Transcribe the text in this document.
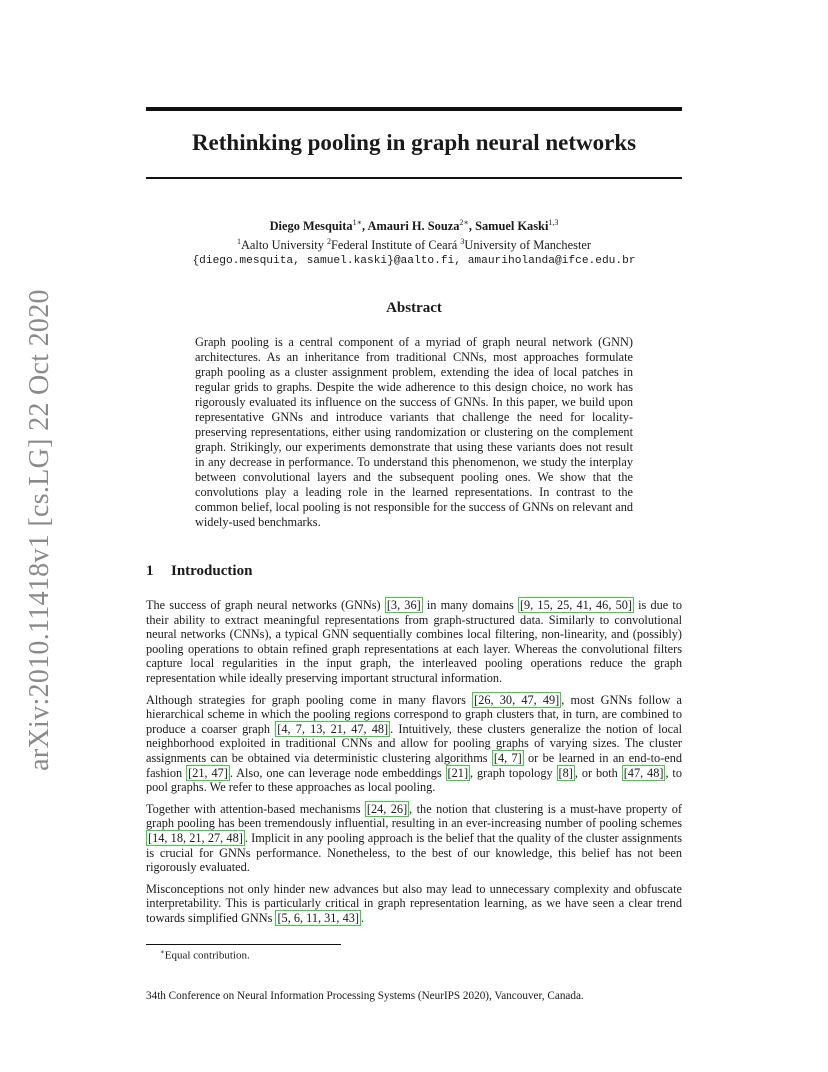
arXiv:2010.11418v1 [cs.LG] 22 Oct 2020
Rethinking pooling in graph neural networks
Diego Mesquita$^{1∗}$, Amauri H. Souza$^{2∗}$, Samuel Kaski$^{1,3}$
$^1$Aalto University $^2$Federal Institute of Ceará $^3$University of Manchester
{diego.mesquita, samuel.kaski}@aalto.fi, amauriholanda@ifce.edu.br
Abstract
Graph pooling is a central component of a myriad of graph neural network (GNN) architectures. As an inheritance from traditional CNNs, most approaches formulate graph pooling as a cluster assignment problem, extending the idea of local patches in regular grids to graphs. Despite the wide adherence to this design choice, no work has rigorously evaluated its influence on the success of GNNs. In this paper, we build upon representative GNNs and introduce variants that challenge the need for locality-preserving representations, either using randomization or clustering on the complement graph. Strikingly, our experiments demonstrate that using these variants does not result in any decrease in performance. To understand this phenomenon, we study the interplay between convolutional layers and the subsequent pooling ones. We show that the convolutions play a leading role in the learned representations. In contrast to the common belief, local pooling is not responsible for the success of GNNs on relevant and widely-used benchmarks.
1 Introduction

The success of graph neural networks (GNNs) [3, 36] in many domains [9, 15, 25, 41, 46, 50] is due to their ability to extract meaningful representations from graph-structured data. Similarly to convolutional neural networks (CNNs), a typical GNN sequentially combines local filtering, non-linearity, and (possibly) pooling operations to obtain refined graph representations at each layer. Whereas the convolutional filters capture local regularities in the input graph, the interleaved pooling operations reduce the graph representation while ideally preserving important structural information.

Although strategies for graph pooling come in many flavors [26, 30, 47, 49] , most GNNs follow a hierarchical scheme in which the pooling regions correspond to graph clusters that, in turn, are combined to produce a coarser graph [4, 7, 13, 21, 47, 48] . Intuitively, these clusters generalize the notion of local neighborhood exploited in traditional CNNs and allow for pooling graphs of varying sizes. The cluster assignments can be obtained via deterministic clustering algorithms [4, 7] or be learned in an end-to-end fashion [21, 47] . Also, one can leverage node embeddings [21] , graph topology [8] , or both [47, 48] , to pool graphs. We refer to these approaches as local pooling.

Together with attention-based mechanisms [24, 26] , the notion that clustering is a must-have property of graph pooling has been tremendously influential, resulting in an ever-increasing number of pooling schemes [14, 18, 21, 27, 48] . Implicit in any pooling approach is the belief that the quality of the cluster assignments is crucial for GNNs performance. Nonetheless, to the best of our knowledge, this belief has not been rigorously evaluated.

Misconceptions not only hinder new advances but also may lead to unnecessary complexity and obfuscate interpretability. This is particularly critical in graph representation learning, as we have seen a clear trend towards simplified GNNs [5, 6, 11, 31, 43] .

∗Equal contribution.
34th Conference on Neural Information Processing Systems (NeurIPS 2020), Vancouver, Canada.
